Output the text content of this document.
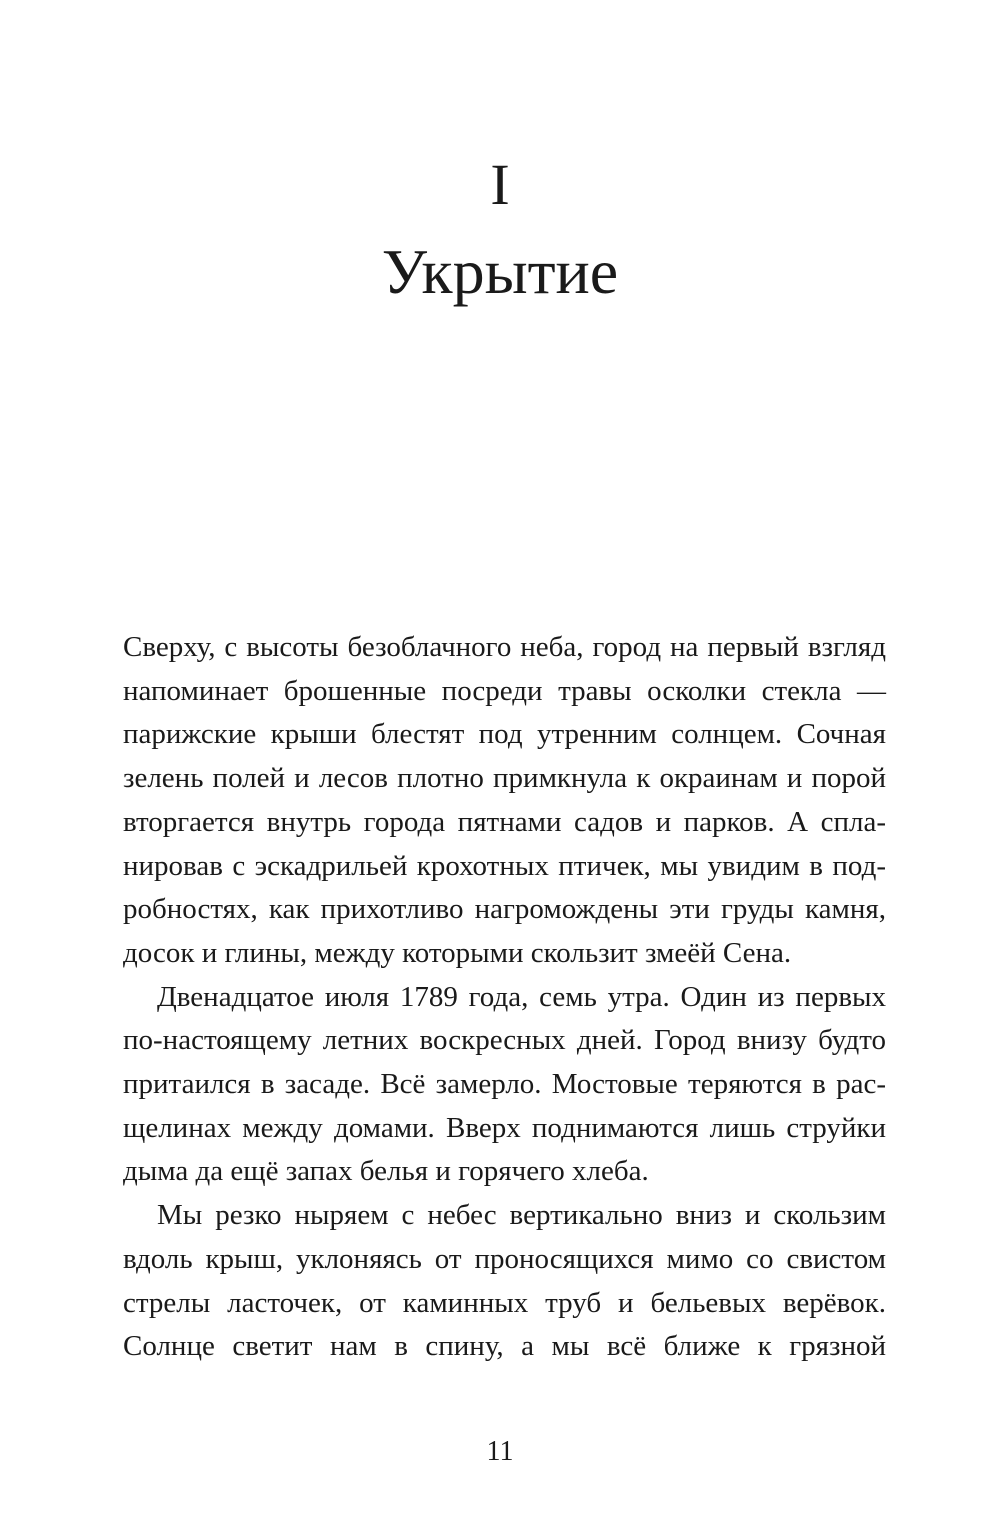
I
Укрытие

Сверху, с высоты безоблачного неба, город на первый взгляд
напоминает брошенные посреди травы осколки стекла —
парижские крыши блестят под утренним солнцем. Сочная
зелень полей и лесов плотно примкнула к окраинам и порой
вторгается внутрь города пятнами садов и парков. А спла-
нировав с эскадрильей крохотных птичек, мы увидим в под-
робностях, как прихотливо нагромождены эти груды камня,
досок и глины, между которыми скользит змеёй Сена.

Двенадцатое июля 1789 года, семь утра. Один из первых
по-настоящему летних воскресных дней. Город внизу будто
притаился в засаде. Всё замерло. Мостовые теряются в рас-
щелинах между домами. Вверх поднимаются лишь струйки
дыма да ещё запах белья и горячего хлеба.

Мы резко ныряем с небес вертикально вниз и скользим
вдоль крыш, уклоняясь от проносящихся мимо со свистом
стрелы ласточек, от каминных труб и бельевых верёвок.
Солнце светит нам в спину, а мы всё ближе к грязной

11
